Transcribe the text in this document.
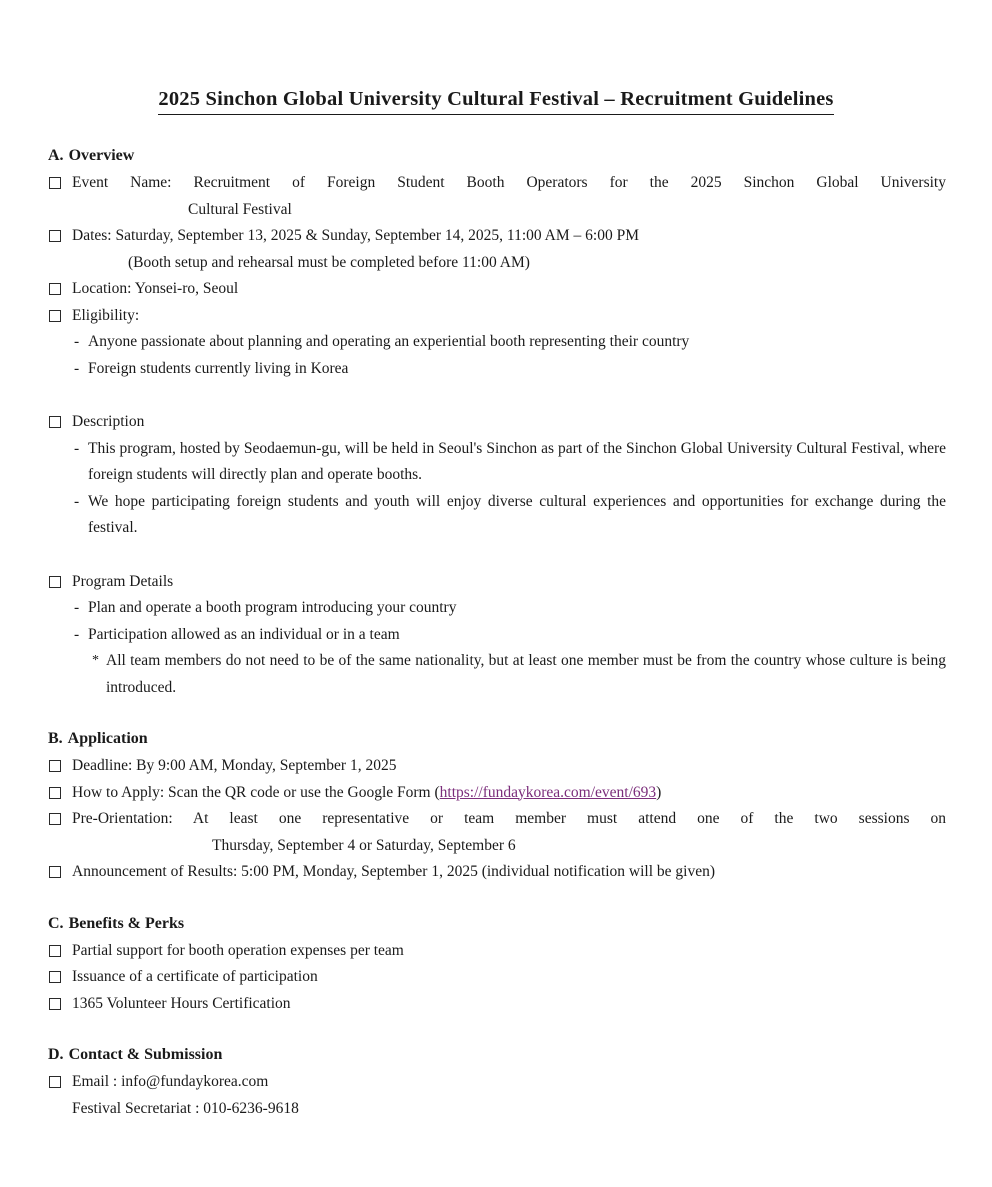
2025 Sinchon Global University Cultural Festival – Recruitment Guidelines
A. Overview
Event Name: Recruitment of Foreign Student Booth Operators for the 2025 Sinchon Global University
Cultural Festival
Dates: Saturday, September 13, 2025 & Sunday, September 14, 2025, 11:00 AM – 6:00 PM
(Booth setup and rehearsal must be completed before 11:00 AM)
Location: Yonsei-ro, Seoul
Eligibility:
- Anyone passionate about planning and operating an experiential booth representing their country
- Foreign students currently living in Korea
Description
- This program, hosted by Seodaemun-gu, will be held in Seoul's Sinchon as part of the Sinchon Global University Cultural Festival, where foreign students will directly plan and operate booths.
- We hope participating foreign students and youth will enjoy diverse cultural experiences and opportunities for exchange during the festival.
Program Details
- Plan and operate a booth program introducing your country
- Participation allowed as an individual or in a team
* All team members do not need to be of the same nationality, but at least one member must be from the country whose culture is being introduced.
B. Application
Deadline: By 9:00 AM, Monday, September 1, 2025
How to Apply: Scan the QR code or use the Google Form (https://fundaykorea.com/event/693)
Pre-Orientation: At least one representative or team member must attend one of the two sessions on
Thursday, September 4 or Saturday, September 6
Announcement of Results: 5:00 PM, Monday, September 1, 2025 (individual notification will be given)
C. Benefits & Perks
Partial support for booth operation expenses per team
Issuance of a certificate of participation
1365 Volunteer Hours Certification
D. Contact & Submission
Email : info@fundaykorea.com
Festival Secretariat : 010-6236-9618
